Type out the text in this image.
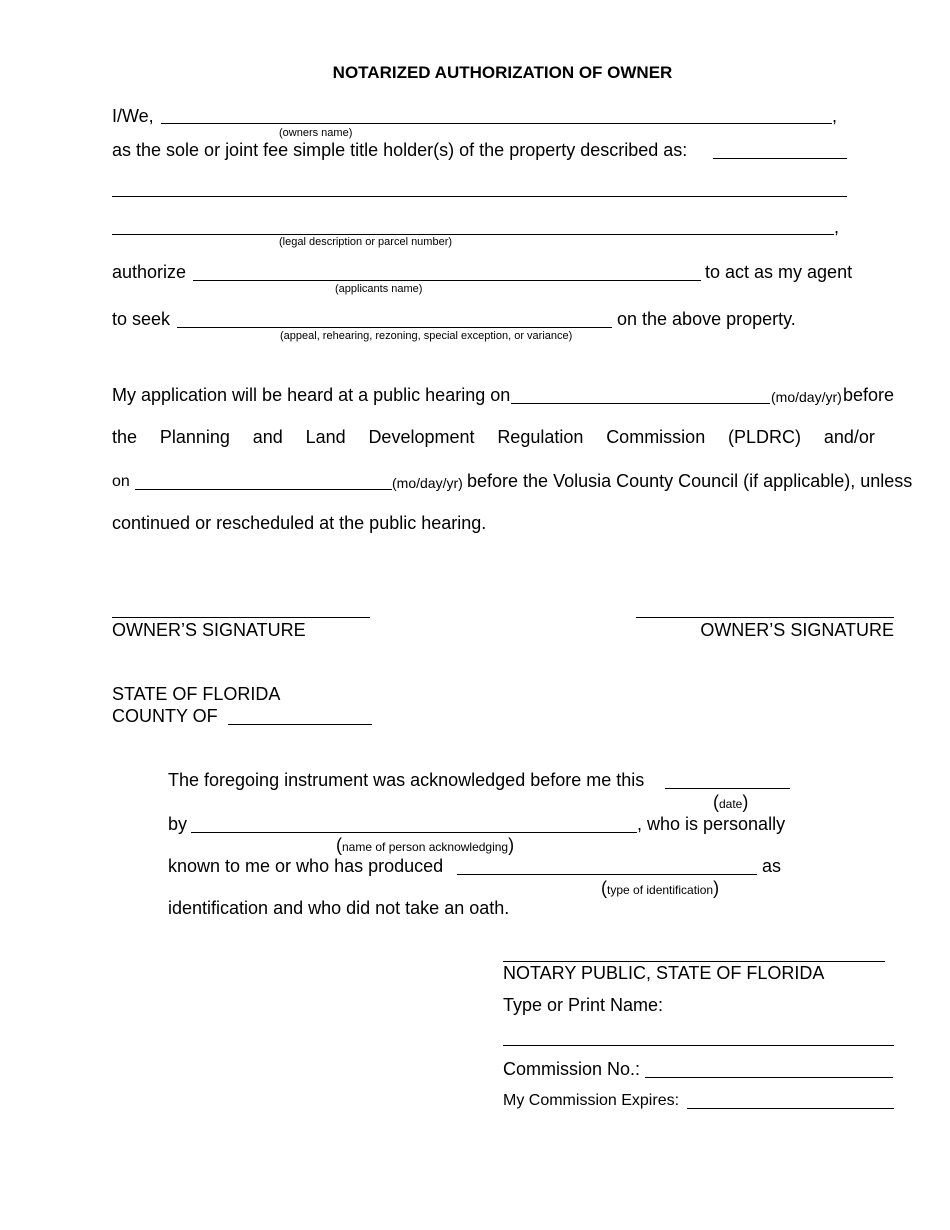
NOTARIZED AUTHORIZATION OF OWNER
I/We,	,
(owners name)
as the sole or joint fee simple title holder(s) of the property described as:
,
(legal description or parcel number)
authorize	to act as my agent
(applicants name)
to seek	on the above property.
(appeal, rehearing, rezoning, special exception, or variance)
My application will be heard at a public hearing on	(mo/day/yr) before
the Planning and Land Development Regulation Commission (PLDRC) and/or
on	(mo/day/yr) before the Volusia County Council (if applicable), unless
continued or rescheduled at the public hearing.
OWNER’S SIGNATURE	OWNER’S SIGNATURE
STATE OF FLORIDA
COUNTY OF
The foregoing instrument was acknowledged before me this
(date)
by	, who is personally
(name of person acknowledging)
known to me or who has produced	as
(type of identification)
identification and who did not take an oath.
NOTARY PUBLIC, STATE OF FLORIDA
Type or Print Name:
Commission No.:
My Commission Expires:
